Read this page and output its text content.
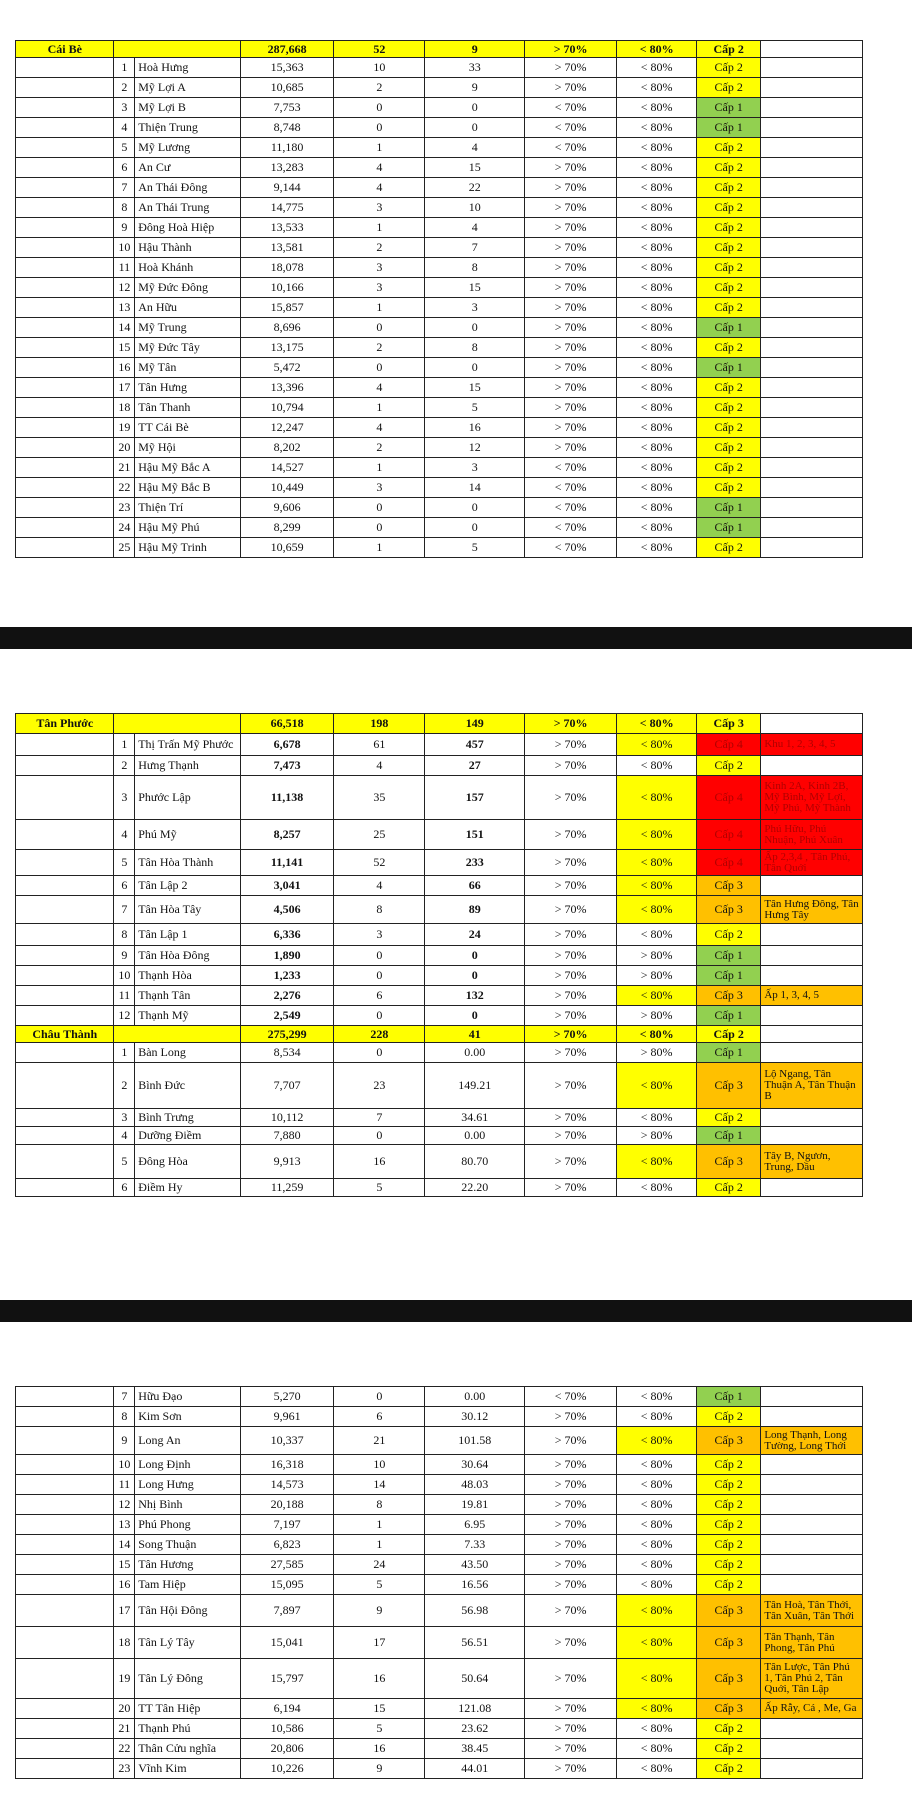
Cái Bè			287,668	52	9	> 70%	< 80%	Cấp 2	
	1	Hoà Hưng	15,363	10	33	> 70%	< 80%	Cấp 2	
	2	Mỹ Lợi A	10,685	2	9	> 70%	< 80%	Cấp 2	
	3	Mỹ Lợi B	7,753	0	0	< 70%	< 80%	Cấp 1	
	4	Thiện Trung	8,748	0	0	< 70%	< 80%	Cấp 1	
	5	Mỹ Lương	11,180	1	4	< 70%	< 80%	Cấp 2	
	6	An Cư	13,283	4	15	> 70%	< 80%	Cấp 2	
	7	An Thái Đông	9,144	4	22	> 70%	< 80%	Cấp 2	
	8	An Thái Trung	14,775	3	10	> 70%	< 80%	Cấp 2	
	9	Đông Hoà Hiệp	13,533	1	4	> 70%	< 80%	Cấp 2	
	10	Hậu Thành	13,581	2	7	> 70%	< 80%	Cấp 2	
	11	Hoà Khánh	18,078	3	8	> 70%	< 80%	Cấp 2	
	12	Mỹ Đức Đông	10,166	3	15	> 70%	< 80%	Cấp 2	
	13	An Hữu	15,857	1	3	> 70%	< 80%	Cấp 2	
	14	Mỹ Trung	8,696	0	0	> 70%	< 80%	Cấp 1	
	15	Mỹ Đức Tây	13,175	2	8	> 70%	< 80%	Cấp 2	
	16	Mỹ Tân	5,472	0	0	> 70%	< 80%	Cấp 1	
	17	Tân Hưng	13,396	4	15	> 70%	< 80%	Cấp 2	
	18	Tân Thanh	10,794	1	5	> 70%	< 80%	Cấp 2	
	19	TT Cái Bè	12,247	4	16	> 70%	< 80%	Cấp 2	
	20	Mỹ Hội	8,202	2	12	> 70%	< 80%	Cấp 2	
	21	Hậu Mỹ Bắc A	14,527	1	3	< 70%	< 80%	Cấp 2	
	22	Hậu Mỹ Bắc B	10,449	3	14	< 70%	< 80%	Cấp 2	
	23	Thiện Trí	9,606	0	0	< 70%	< 80%	Cấp 1	
	24	Hậu Mỹ Phú	8,299	0	0	< 70%	< 80%	Cấp 1	
	25	Hậu Mỹ Trinh	10,659	1	5	< 70%	< 80%	Cấp 2	
Tân Phước			66,518	198	149	> 70%	< 80%	Cấp 3	
	1	Thị Trấn Mỹ Phước	6,678	61	457	> 70%	< 80%	Cấp 4	Khu 1, 2, 3, 4, 5
	2	Hưng Thạnh	7,473	4	27	> 70%	< 80%	Cấp 2	
	3	Phước Lập	11,138	35	157	> 70%	< 80%	Cấp 4	Kinh 2A, Kinh 2B, Mỹ Bình, Mỹ Lợi, Mỹ Phú, Mỹ Thành
	4	Phú Mỹ	8,257	25	151	> 70%	< 80%	Cấp 4	Phú Hữu, Phú Nhuận, Phú Xuân
	5	Tân Hòa Thành	11,141	52	233	> 70%	< 80%	Cấp 4	Ấp 2,3,4 , Tân Phú, Tân Quới
	6	Tân Lập 2	3,041	4	66	> 70%	< 80%	Cấp 3	
	7	Tân Hòa Tây	4,506	8	89	> 70%	< 80%	Cấp 3	Tân Hưng Đông, Tân Hưng Tây
	8	Tân Lập 1	6,336	3	24	> 70%	< 80%	Cấp 2	
	9	Tân Hòa Đông	1,890	0	0	> 70%	> 80%	Cấp 1	
	10	Thạnh Hòa	1,233	0	0	> 70%	> 80%	Cấp 1	
	11	Thạnh Tân	2,276	6	132	> 70%	< 80%	Cấp 3	Ấp 1, 3, 4, 5
	12	Thạnh Mỹ	2,549	0	0	> 70%	> 80%	Cấp 1	
Châu Thành			275,299	228	41	> 70%	< 80%	Cấp 2	
	1	Bàn Long	8,534	0	0.00	> 70%	> 80%	Cấp 1	
	2	Bình Đức	7,707	23	149.21	> 70%	< 80%	Cấp 3	Lộ Ngang, Tân Thuận A, Tân Thuận B
	3	Bình Trưng	10,112	7	34.61	> 70%	< 80%	Cấp 2	
	4	Dưỡng Điềm	7,880	0	0.00	> 70%	> 80%	Cấp 1	
	5	Đông Hòa	9,913	16	80.70	> 70%	< 80%	Cấp 3	Tây B, Ngươn, Trung, Dầu
	6	Điềm Hy	11,259	5	22.20	> 70%	< 80%	Cấp 2	
	7	Hữu Đạo	5,270	0	0.00	< 70%	< 80%	Cấp 1	
	8	Kim Sơn	9,961	6	30.12	> 70%	< 80%	Cấp 2	
	9	Long An	10,337	21	101.58	> 70%	< 80%	Cấp 3	Long Thạnh, Long Tường, Long Thới
	10	Long Định	16,318	10	30.64	> 70%	< 80%	Cấp 2	
	11	Long Hưng	14,573	14	48.03	> 70%	< 80%	Cấp 2	
	12	Nhị Bình	20,188	8	19.81	> 70%	< 80%	Cấp 2	
	13	Phú Phong	7,197	1	6.95	> 70%	< 80%	Cấp 2	
	14	Song Thuận	6,823	1	7.33	> 70%	< 80%	Cấp 2	
	15	Tân Hương	27,585	24	43.50	> 70%	< 80%	Cấp 2	
	16	Tam Hiệp	15,095	5	16.56	> 70%	< 80%	Cấp 2	
	17	Tân Hội Đông	7,897	9	56.98	> 70%	< 80%	Cấp 3	Tân Hoà, Tân Thới, Tân Xuân, Tân Thới
	18	Tân Lý Tây	15,041	17	56.51	> 70%	< 80%	Cấp 3	Tân Thạnh, Tân Phong, Tân Phú
	19	Tân Lý Đông	15,797	16	50.64	> 70%	< 80%	Cấp 3	Tân Lược, Tân Phú 1, Tân Phú 2, Tân Quới, Tân Lập
	20	TT Tân Hiệp	6,194	15	121.08	> 70%	< 80%	Cấp 3	Ấp Rẫy, Cá , Me, Ga
	21	Thạnh Phú	10,586	5	23.62	> 70%	< 80%	Cấp 2	
	22	Thân Cửu nghĩa	20,806	16	38.45	> 70%	< 80%	Cấp 2	
	23	Vĩnh Kim	10,226	9	44.01	> 70%	< 80%	Cấp 2	
